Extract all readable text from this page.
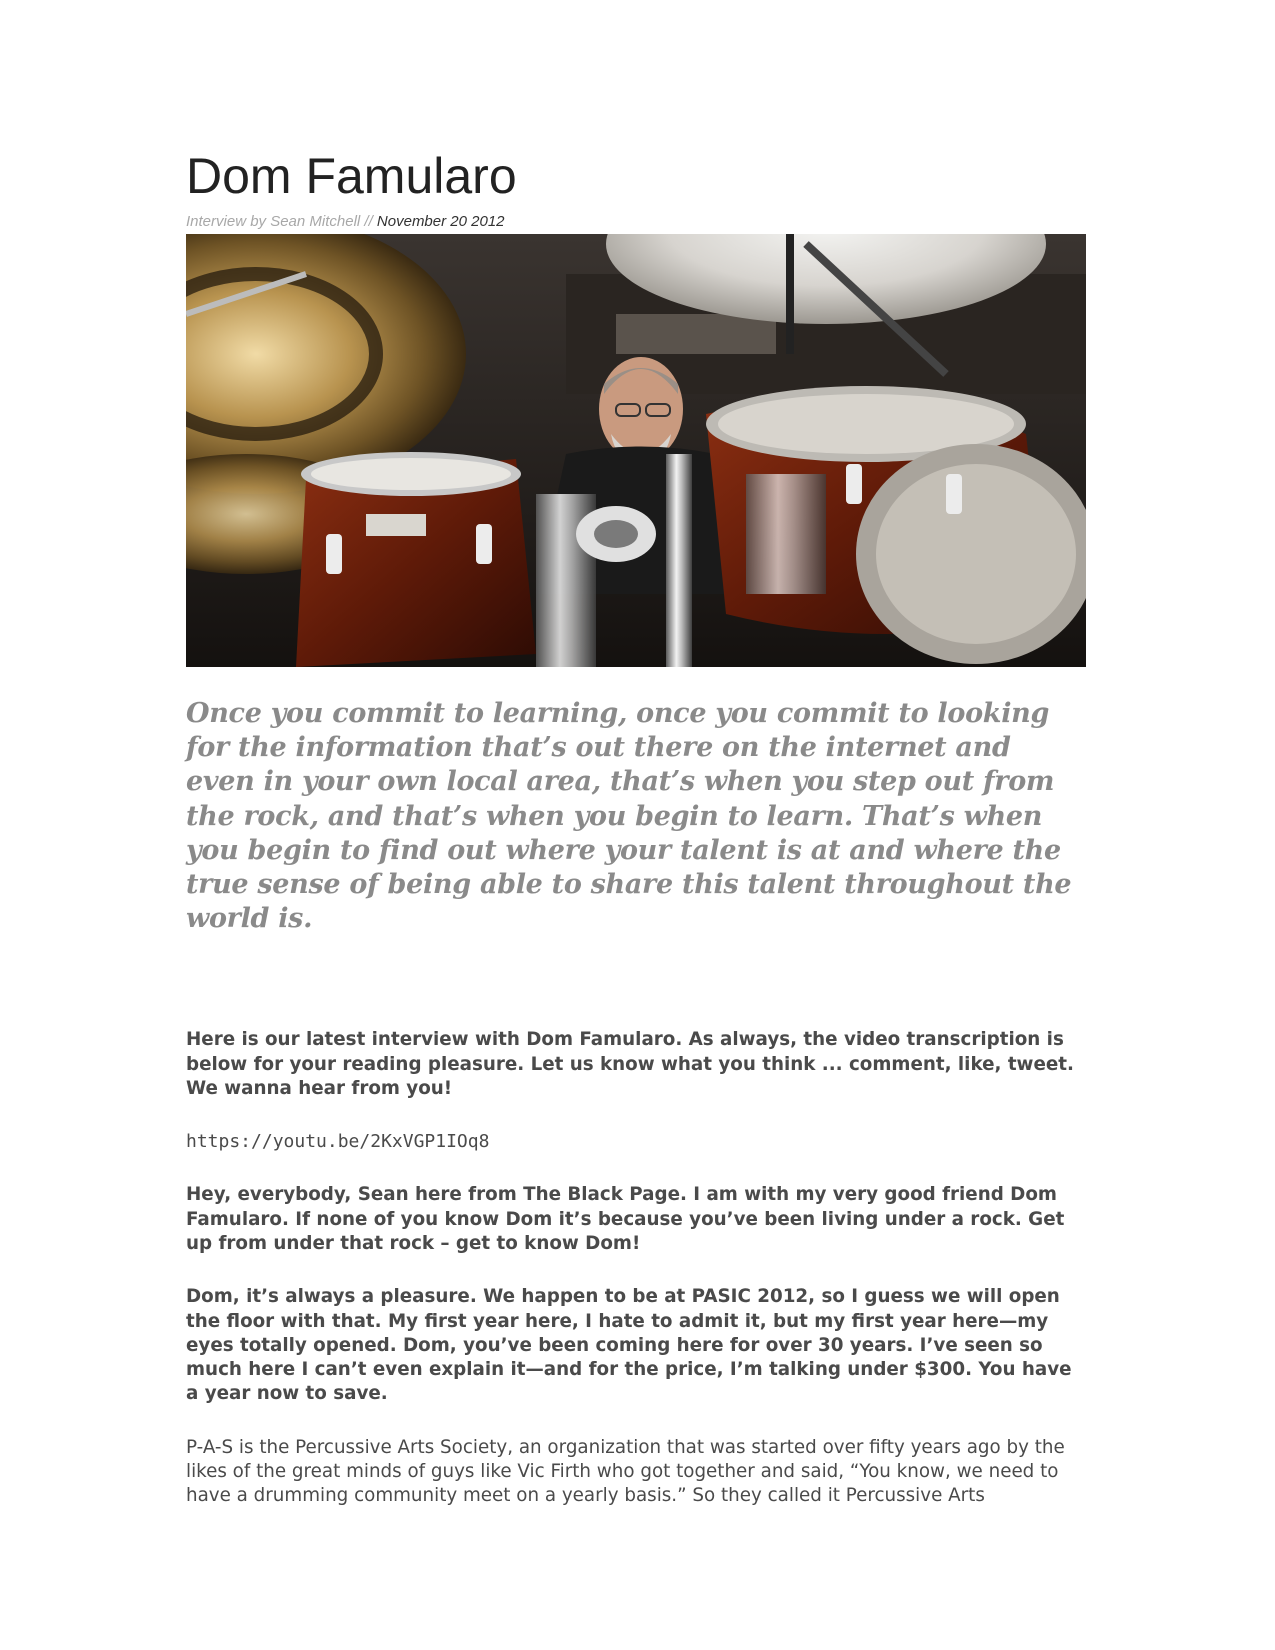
Dom Famularo
Interview by Sean Mitchell // November 20 2012

Once you commit to learning, once you commit to looking for the information that’s out there on the internet and even in your own local area, that’s when you step out from the rock, and that’s when you begin to learn. That’s when you begin to find out where your talent is at and where the true sense of being able to share this talent throughout the world is.

Here is our latest interview with Dom Famularo. As always, the video transcription is below for your reading pleasure. Let us know what you think ... comment, like, tweet. We wanna hear from you!

https://youtu.be/2KxVGP1IOq8

Hey, everybody, Sean here from The Black Page. I am with my very good friend Dom Famularo. If none of you know Dom it’s because you’ve been living under a rock. Get up from under that rock – get to know Dom!

Dom, it’s always a pleasure. We happen to be at PASIC 2012, so I guess we will open the floor with that. My first year here, I hate to admit it, but my first year here—my eyes totally opened. Dom, you’ve been coming here for over 30 years. I’ve seen so much here I can’t even explain it—and for the price, I’m talking under $300. You have a year now to save.

P-A-S is the Percussive Arts Society, an organization that was started over fifty years ago by the likes of the great minds of guys like Vic Firth who got together and said, “You know, we need to have a drumming community meet on a yearly basis.” So they called it Percussive Arts
